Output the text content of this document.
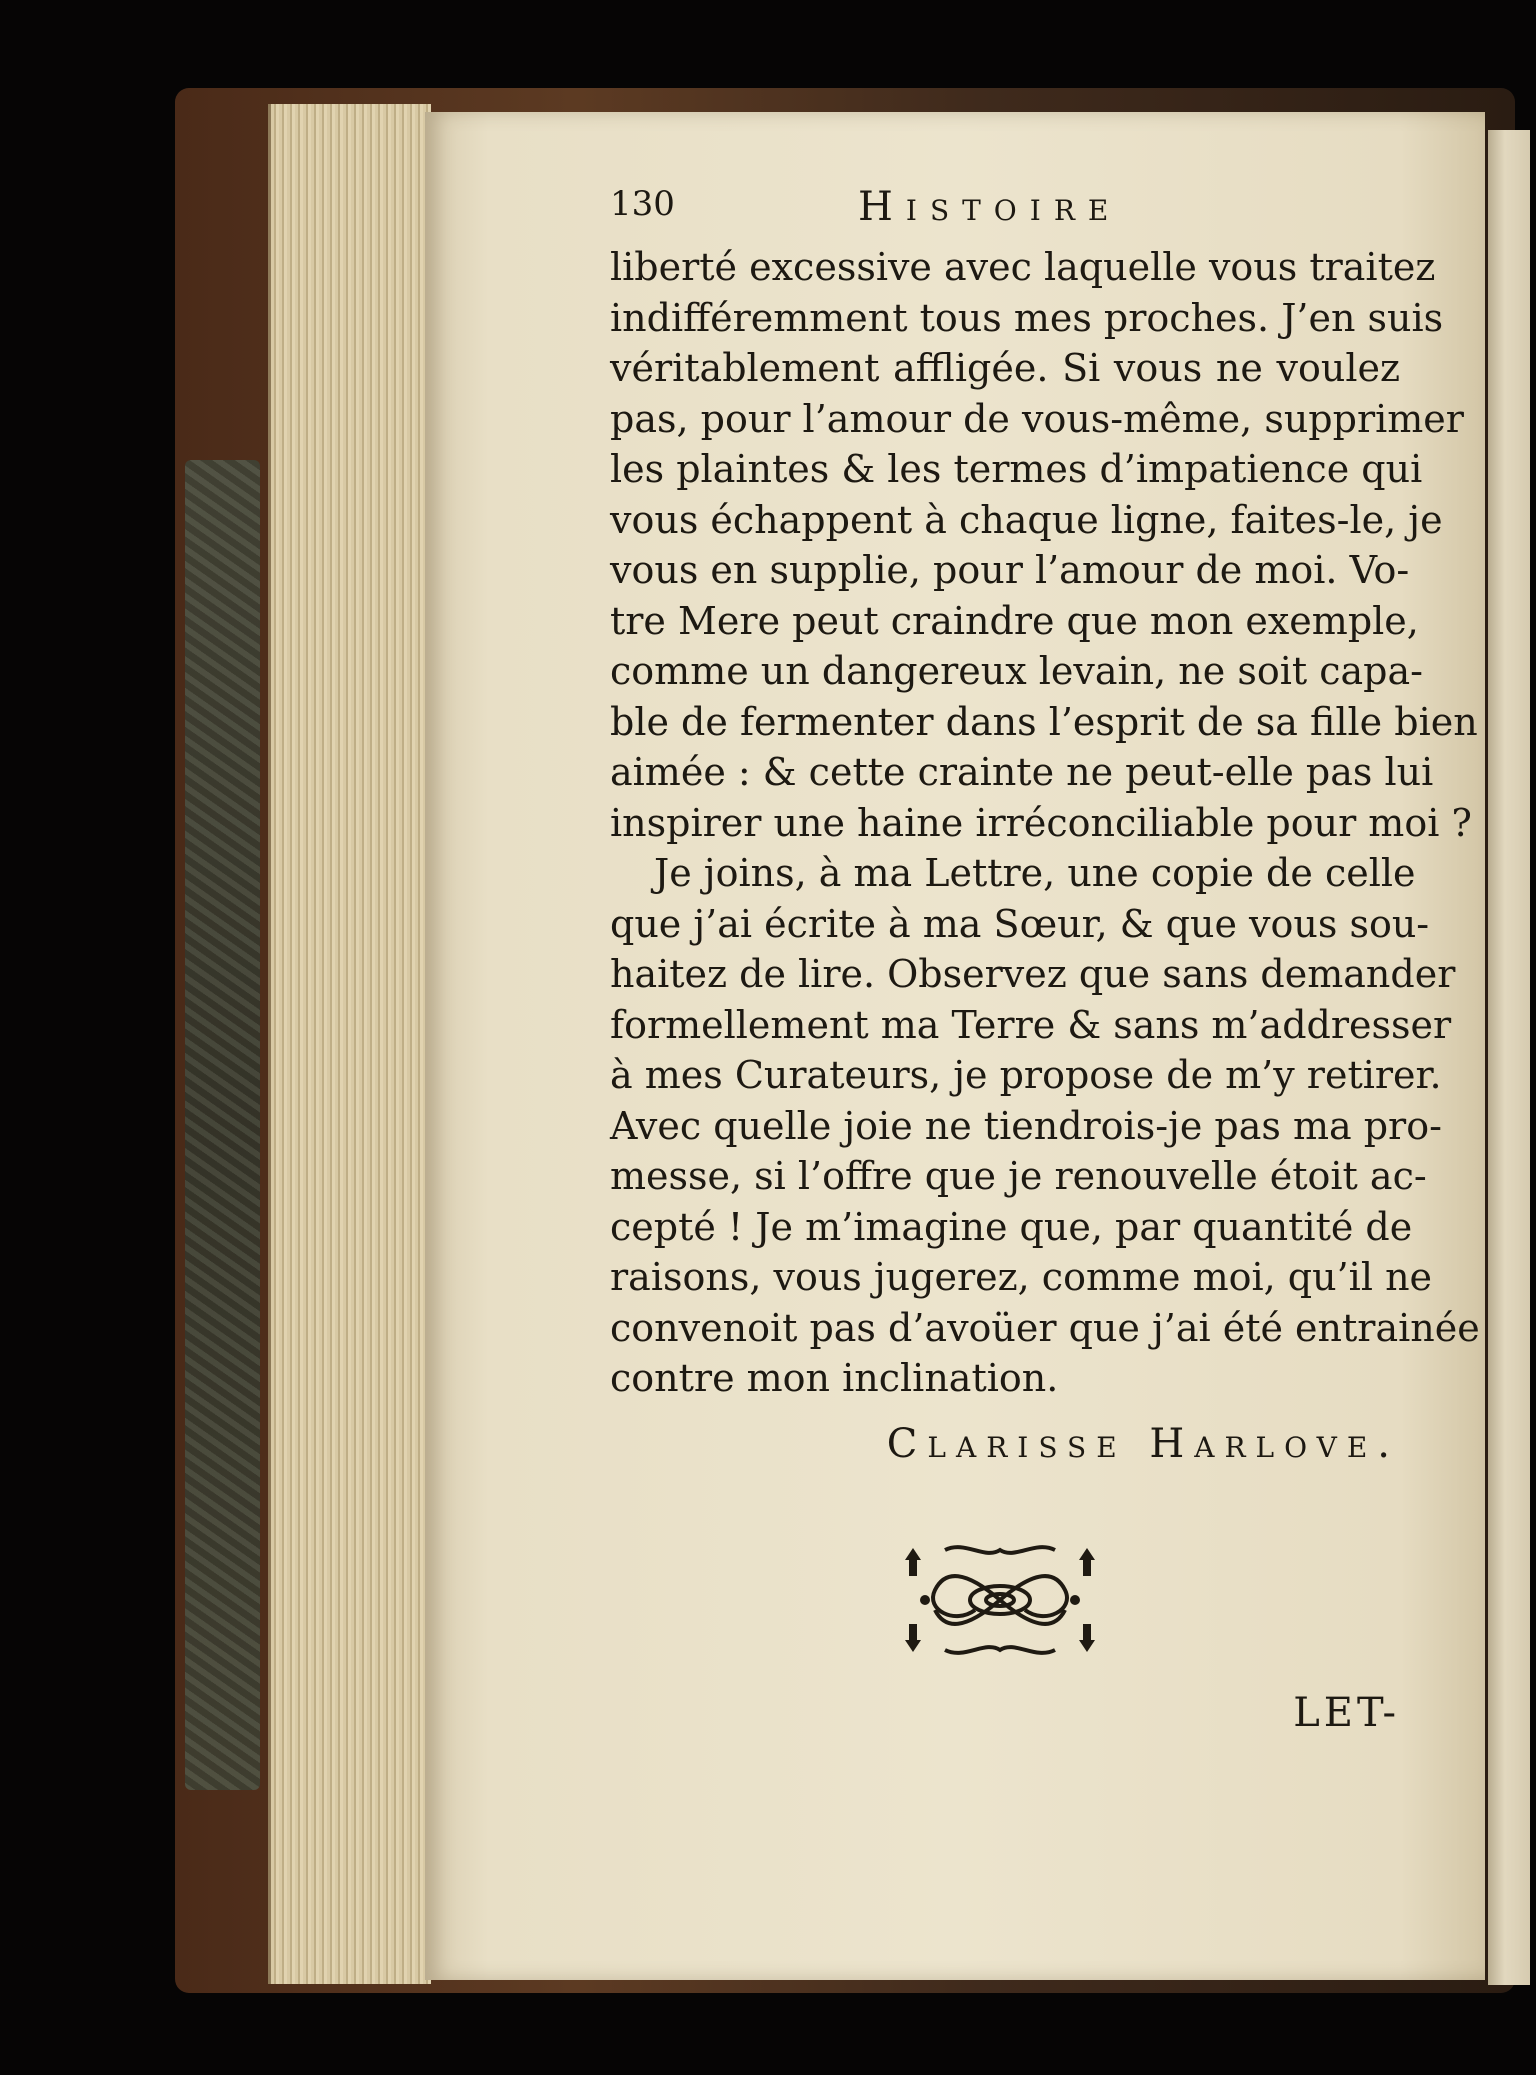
130	Histoire
liberté excessive avec laquelle vous traitez
indifféremment tous mes proches. J’en suis
véritablement affligée. Si vous ne voulez
pas, pour l’amour de vous-même, supprimer
les plaintes & les termes d’impatience qui
vous échappent à chaque ligne, faites-le, je
vous en supplie, pour l’amour de moi. Vo-
tre Mere peut craindre que mon exemple,
comme un dangereux levain, ne soit capa-
ble de fermenter dans l’esprit de sa fille bien
aimée : & cette crainte ne peut-elle pas lui
inspirer une haine irréconciliable pour moi ?
Je joins, à ma Lettre, une copie de celle
que j’ai écrite à ma Sœur, & que vous sou-
haitez de lire. Observez que sans demander
formellement ma Terre & sans m’addresser
à mes Curateurs, je propose de m’y retirer.
Avec quelle joie ne tiendrois-je pas ma pro-
messe, si l’offre que je renouvelle étoit ac-
cepté ! Je m’imagine que, par quantité de
raisons, vous jugerez, comme moi, qu’il ne
convenoit pas d’avoüer que j’ai été entrainée
contre mon inclination.
Clarisse Harlove.
LET-
